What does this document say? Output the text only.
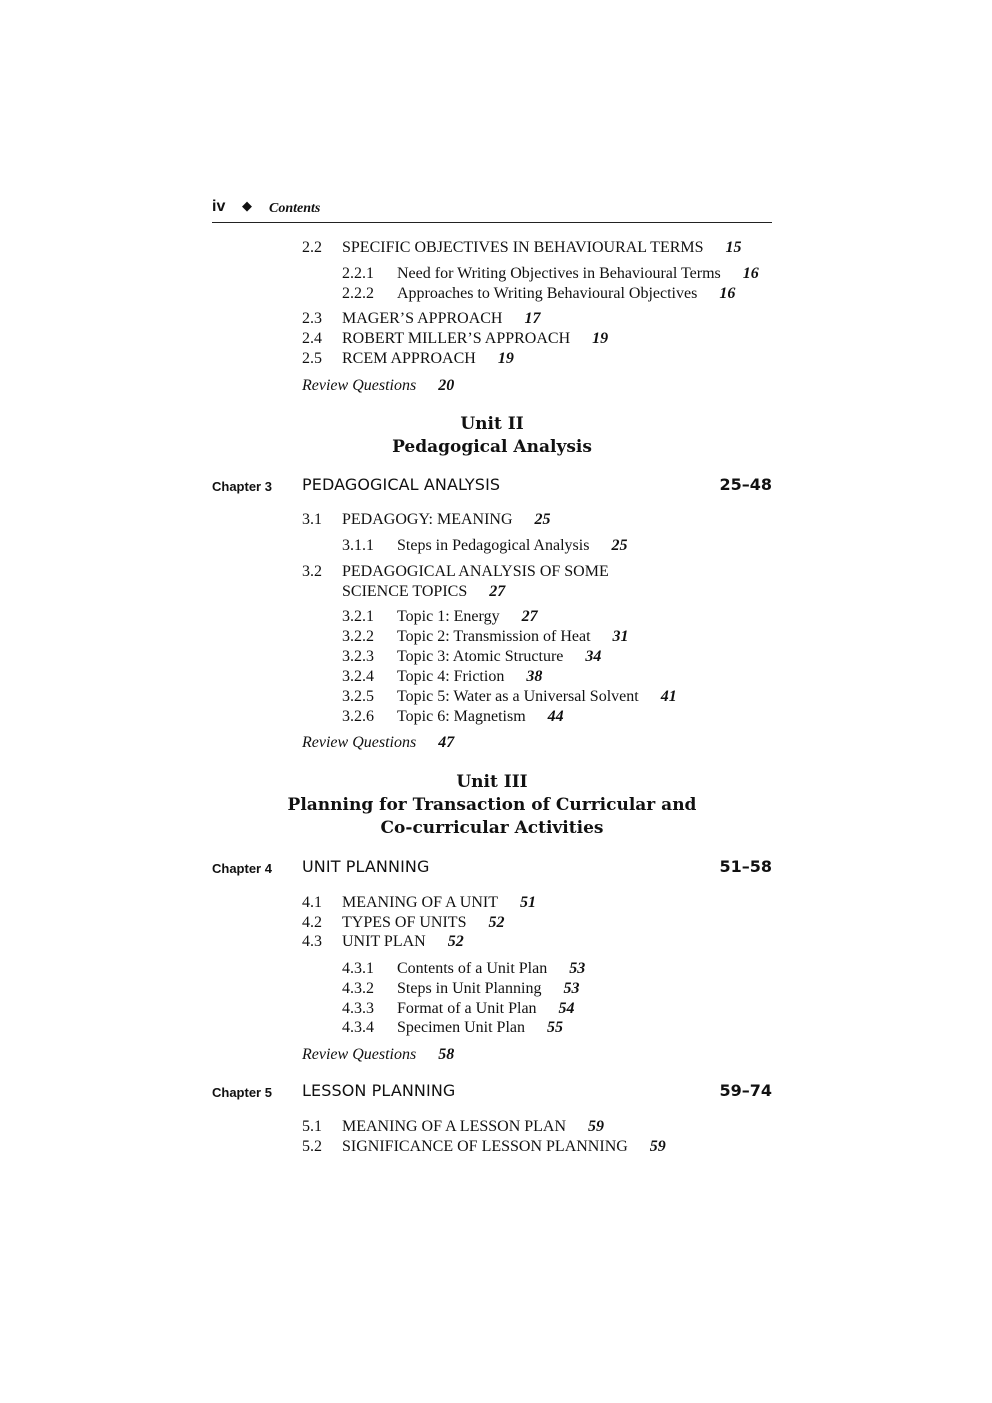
iv ◆ Contents
2.2 SPECIFIC OBJECTIVES IN BEHAVIOURAL TERMS 15
2.2.1 Need for Writing Objectives in Behavioural Terms 16
2.2.2 Approaches to Writing Behavioural Objectives 16
2.3 MAGER’S APPROACH 17
2.4 ROBERT MILLER’S APPROACH 19
2.5 RCEM APPROACH 19
Review Questions 20
Unit II
Pedagogical Analysis
Chapter 3 PEDAGOGICAL ANALYSIS	25–48
3.1 PEDAGOGY: MEANING 25
3.1.1 Steps in Pedagogical Analysis 25
3.2 PEDAGOGICAL ANALYSIS OF SOME
SCIENCE TOPICS 27
3.2.1 Topic 1: Energy 27
3.2.2 Topic 2: Transmission of Heat 31
3.2.3 Topic 3: Atomic Structure 34
3.2.4 Topic 4: Friction 38
3.2.5 Topic 5: Water as a Universal Solvent 41
3.2.6 Topic 6: Magnetism 44
Review Questions 47
Unit III
Planning for Transaction of Curricular and
Co-curricular Activities
Chapter 4 UNIT PLANNING	51–58
4.1 MEANING OF A UNIT 51
4.2 TYPES OF UNITS 52
4.3 UNIT PLAN 52
4.3.1 Contents of a Unit Plan 53
4.3.2 Steps in Unit Planning 53
4.3.3 Format of a Unit Plan 54
4.3.4 Specimen Unit Plan 55
Review Questions 58
Chapter 5 LESSON PLANNING	59–74
5.1 MEANING OF A LESSON PLAN 59
5.2 SIGNIFICANCE OF LESSON PLANNING 59
